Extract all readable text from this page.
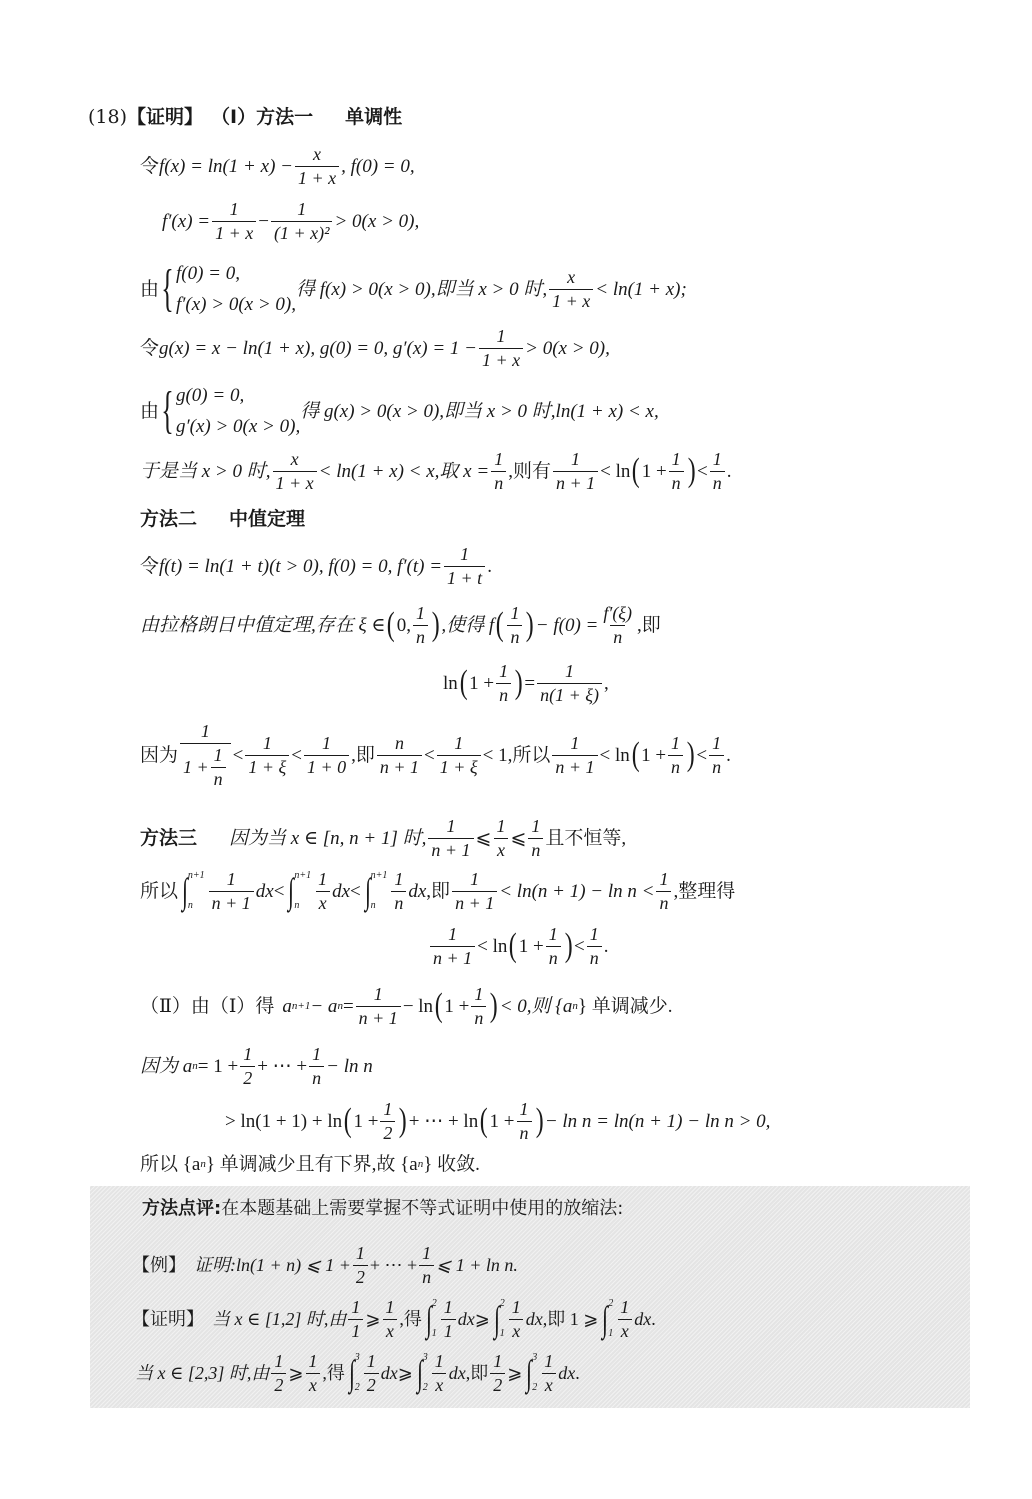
(18) 【证明】 （Ⅰ） 方法一 单调性
令 $f(x) = \ln(1 + x) - \frac{x}{1 + x}$ , f(0) = 0,
$f'(x) = \frac{1}{1 + x} - \frac{1}{\text{(1 + x)²}} > 0(x > 0)$,
由 { f(0) = 0,
f′(x) > 0(x > 0),
得 f(x) > 0(x > 0),即当 x > 0 时, $\frac{x}{1 + x} < \ln(1 + x)$;
令 g(x) = x − ln(1 + x), g(0) = 0, $g'(x) = 1 - \frac{1}{1 + x} > 0(x > 0)$,
由 { g(0) = 0,
g′(x) > 0(x > 0),
得 g(x) > 0(x > 0),即当 x > 0 时,ln(1 + x) < x,
于是当 x > 0 时, $\frac{x}{1 + x} < \ln(1 + x) < x$,取 $x = \frac{1}{n}$ ,则有 $\frac{1}{n + 1} < \ln$ ( $1 + \frac{1}{n}$ ) < $\frac{1}{n}$ .
方法二 中值定理
令 f(t) = ln(1 + t)(t > 0), f(0) = 0, $f'(t) = \frac{1}{1 + t}$ .
由拉格朗日中值定理,存在 ξ ∈ ( 0, $\frac{1}{n}$ ) ,使得 f ( $\frac{1}{n}$ ) − $f(0) = \frac{f'(\xi)}{n}$ ,即
ln ( $1 + \frac{1}{n}$ ) = $\frac{1}{n(1 + \xi)}$ ,
因为 $\frac{1}{1 + \frac{1}{n}} < \frac{1}{1 + \xi} < \frac{1}{1 + 0}$ ,即 $\frac{n}{n + 1} < \frac{1}{1 + \xi} < 1$,所以 $\frac{1}{n + 1} < \ln$ ( $1 + \frac{1}{n}$ ) < $\frac{1}{n}$ .
方法三 因为当 x ∈ [n, n + 1] 时, $\frac{1}{n + 1}$ ⩽ $\frac{1}{x}$ ⩽ $\frac{1}{n}$ 且不恒等,
所以 ∫ n+1
n $\frac{1}{n + 1}$ dx < ∫ n+1
n $\frac{1}{x}$ dx < ∫ n+1
n $\frac{1}{n}$ dx ,即 $\frac{1}{n + 1} < \ln(n + 1) - \ln n < \frac{1}{n}$ ,整理得
$\frac{1}{n + 1} < \ln$ ( $1 + \frac{1}{n}$ ) < $\frac{1}{n}$ .
（Ⅱ）由（Ⅰ）得 a n+1 − a $n = \frac{1}{n + 1} - \ln$ ( $1 + \frac{1}{n}$ ) < 0,则 {a n } 单调减少.
因为 a $n = 1 + \frac{1}{2}$ + ⋯ + $\frac{1}{n} - \ln n$
> ln(1 + 1) + ln ( $1 + \frac{1}{2}$ ) + ⋯ + ln ( $1 + \frac{1}{n}$ ) − ln n = ln(n + 1) − ln n > 0,
所以 {a n } 单调减少且有下界,故 {a n } 收敛.
方法点评: 在本题基础上需要掌握不等式证明中使用的放缩法:
【例】 证明:ln(1 + n) ⩽ $1 + \frac{1}{2}$ + ⋯ + $\frac{1}{n}$ ⩽ 1 + ln n.
【证明】 当 x ∈ [1,2] 时,由 $\frac{1}{1}$ ⩾ $\frac{1}{x}$ ,得 ∫ 2
$1 \frac{1}{1}$ dx ⩾ ∫ 2
$1 \frac{1}{x}$ dx ,即 1 ⩾ ∫ 2
$1 \frac{1}{x}$ dx .
当 x ∈ [2,3] 时,由 $\frac{1}{2}$ ⩾ $\frac{1}{x}$ ,得 ∫ 3
$2 \frac{1}{2}$ dx ⩾ ∫ 3
$2 \frac{1}{x}$ dx ,即 $\frac{1}{2}$ ⩾ ∫ 3
$2 \frac{1}{x}$ dx .
